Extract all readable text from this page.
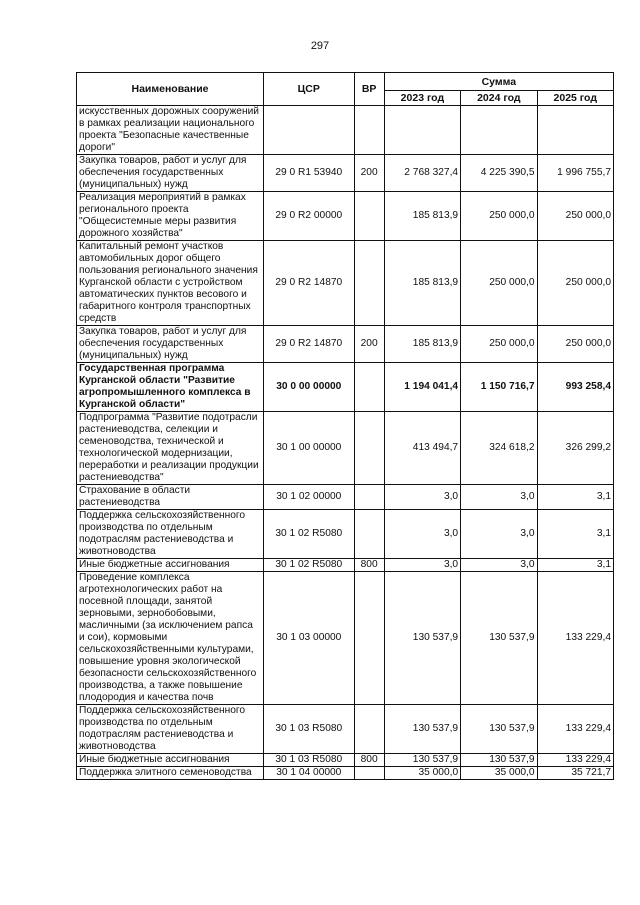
297
Наименование	ЦСР	ВР	Сумма		
			2023 год	2024 год	2025 год
искусственных дорожных сооружений в рамках реализации национального проекта "Безопасные качественные дороги"					
Закупка товаров, работ и услуг для обеспечения государственных (муниципальных) нужд	29 0 R1 53940	200	2 768 327,4	4 225 390,5	1 996 755,7
Реализация мероприятий в рамках регионального проекта "Общесистемные меры развития дорожного хозяйства"	29 0 R2 00000		185 813,9	250 000,0	250 000,0
Капитальный ремонт участков автомобильных дорог общего пользования регионального значения Курганской области с устройством автоматических пунктов весового и габаритного контроля транспортных средств	29 0 R2 14870		185 813,9	250 000,0	250 000,0
Закупка товаров, работ и услуг для обеспечения государственных (муниципальных) нужд	29 0 R2 14870	200	185 813,9	250 000,0	250 000,0
Государственная программа Курганской области "Развитие агропромышленного комплекса в Курганской области"	30 0 00 00000		1 194 041,4	1 150 716,7	993 258,4
Подпрограмма "Развитие подотрасли растениеводства, селекции и семеноводства, технической и технологической модернизации, переработки и реализации продукции растениеводства"	30 1 00 00000		413 494,7	324 618,2	326 299,2
Страхование в области растениеводства	30 1 02 00000		3,0	3,0	3,1
Поддержка сельскохозяйственного производства по отдельным подотраслям растениеводства и животноводства	30 1 02 R5080		3,0	3,0	3,1
Иные бюджетные ассигнования	30 1 02 R5080	800	3,0	3,0	3,1
Проведение комплекса агротехнологических работ на посевной площади, занятой зерновыми, зернобобовыми, масличными (за исключением рапса и сои), кормовыми сельскохозяйственными культурами, повышение уровня экологической безопасности сельскохозяйственного производства, а также повышение плодородия и качества почв	30 1 03 00000		130 537,9	130 537,9	133 229,4
Поддержка сельскохозяйственного производства по отдельным подотраслям растениеводства и животноводства	30 1 03 R5080		130 537,9	130 537,9	133 229,4
Иные бюджетные ассигнования	30 1 03 R5080	800	130 537,9	130 537,9	133 229,4
Поддержка элитного семеноводства	30 1 04 00000		35 000,0	35 000,0	35 721,7
